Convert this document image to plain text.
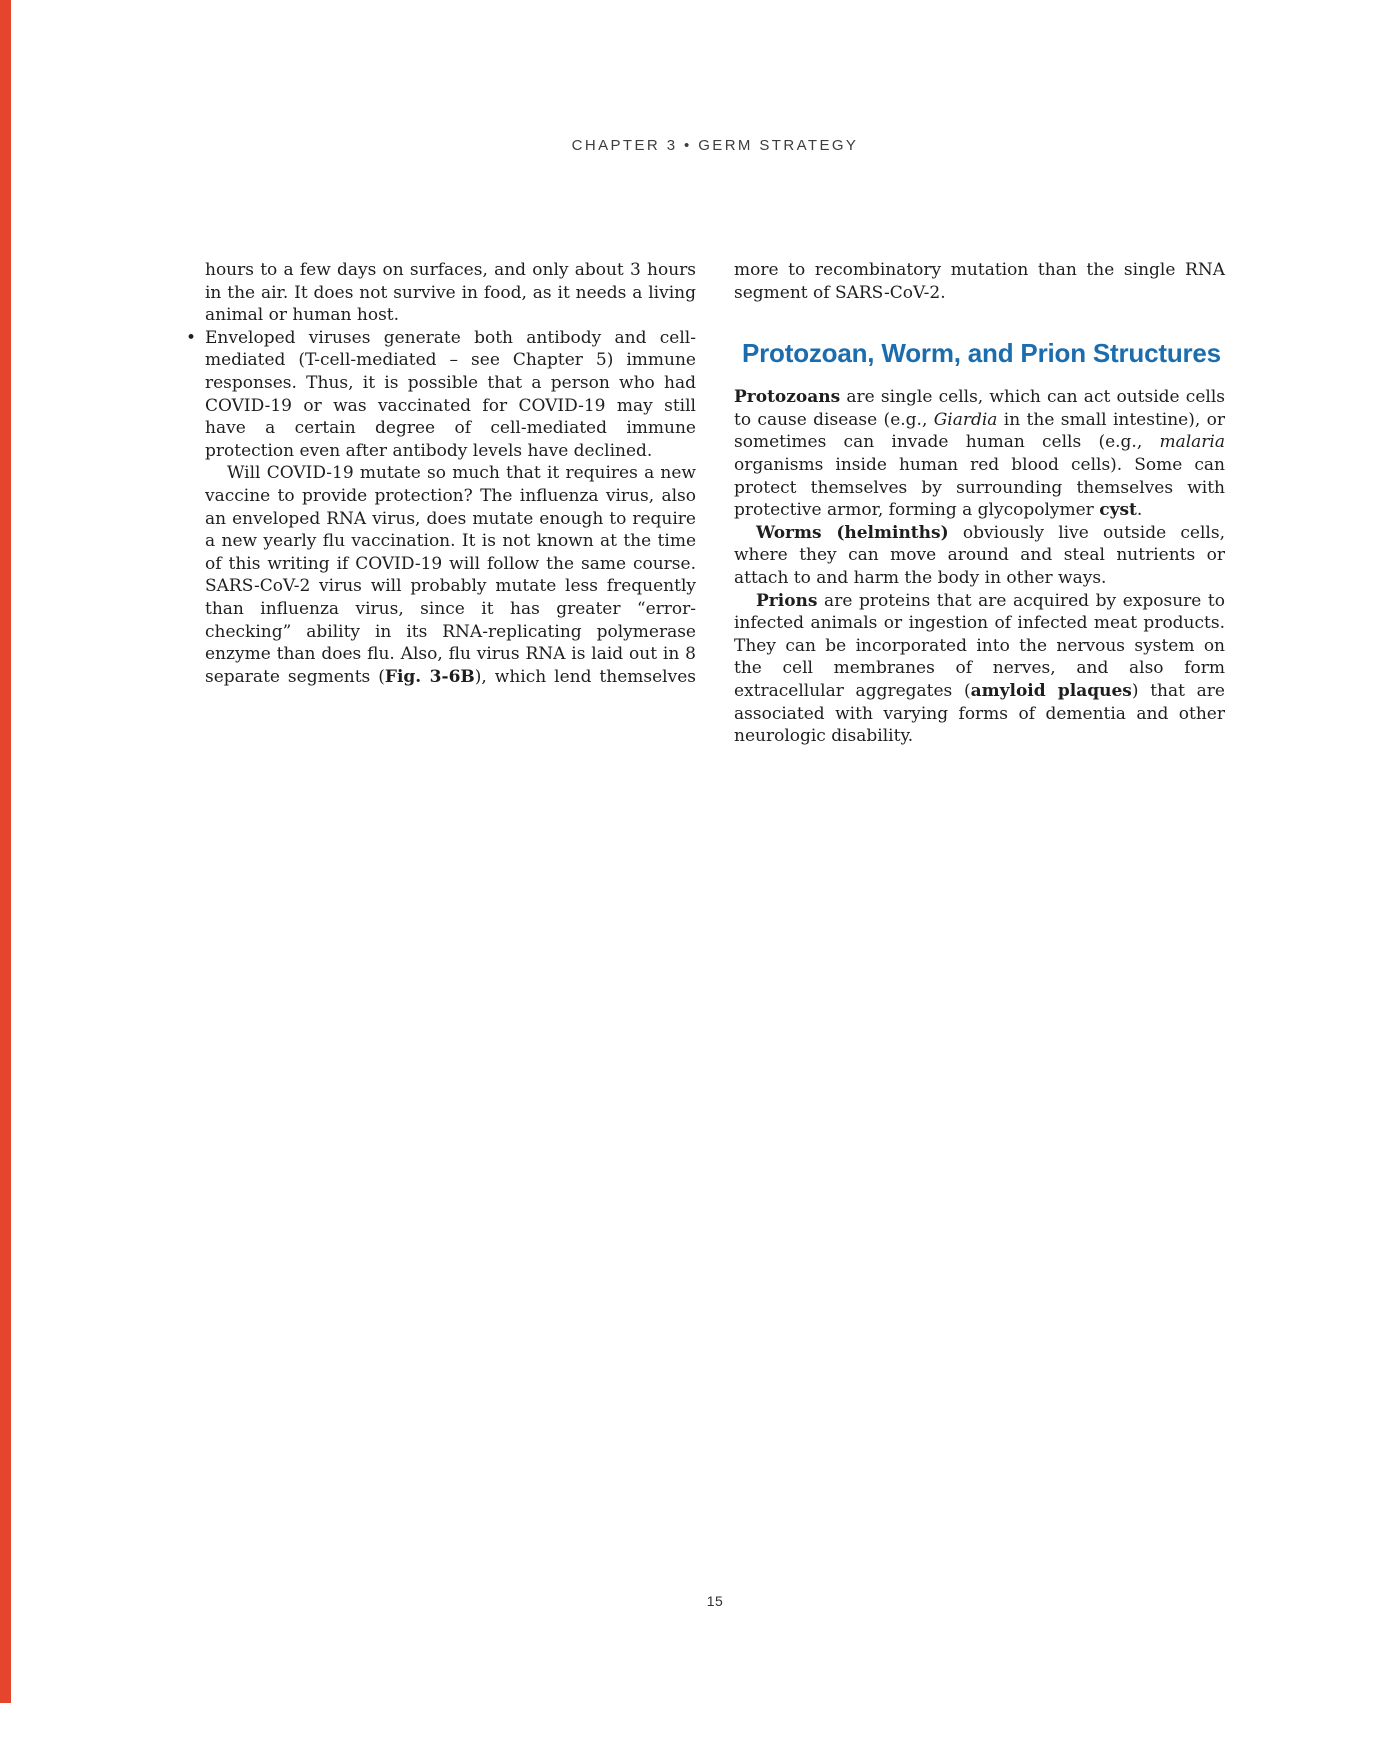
CHAPTER 3 • GERM STRATEGY

hours to a few days on surfaces, and only about 3 hours in the air. It does not survive in food, as it needs a living animal or human host.

• Enveloped viruses generate both antibody and cell-mediated (T-cell-mediated – see Chapter 5) immune responses. Thus, it is possible that a person who had COVID-19 or was vaccinated for COVID-19 may still have a certain degree of cell-mediated immune protection even after antibody levels have declined.

Will COVID-19 mutate so much that it requires a new vaccine to provide protection? The influenza virus, also an enveloped RNA virus, does mutate enough to require a new yearly flu vaccination. It is not known at the time of this writing if COVID-19 will follow the same course. SARS-CoV-2 virus will probably mutate less frequently than influenza virus, since it has greater “error-checking” ability in its RNA-replicating polymerase enzyme than does flu. Also, flu virus RNA is laid out in 8 separate segments (Fig. 3-6B), which lend themselves

more to recombinatory mutation than the single RNA segment of SARS-CoV-2.

Protozoan, Worm, and Prion Structures

Protozoans are single cells, which can act outside cells to cause disease (e.g., Giardia in the small intestine), or sometimes can invade human cells (e.g., malaria organisms inside human red blood cells). Some can protect themselves by surrounding themselves with protective armor, forming a glycopolymer cyst.

Worms (helminths) obviously live outside cells, where they can move around and steal nutrients or attach to and harm the body in other ways.

Prions are proteins that are acquired by exposure to infected animals or ingestion of infected meat products. They can be incorporated into the nervous system on the cell membranes of nerves, and also form extracellular aggregates (amyloid plaques) that are associated with varying forms of dementia and other neurologic disability.

15
